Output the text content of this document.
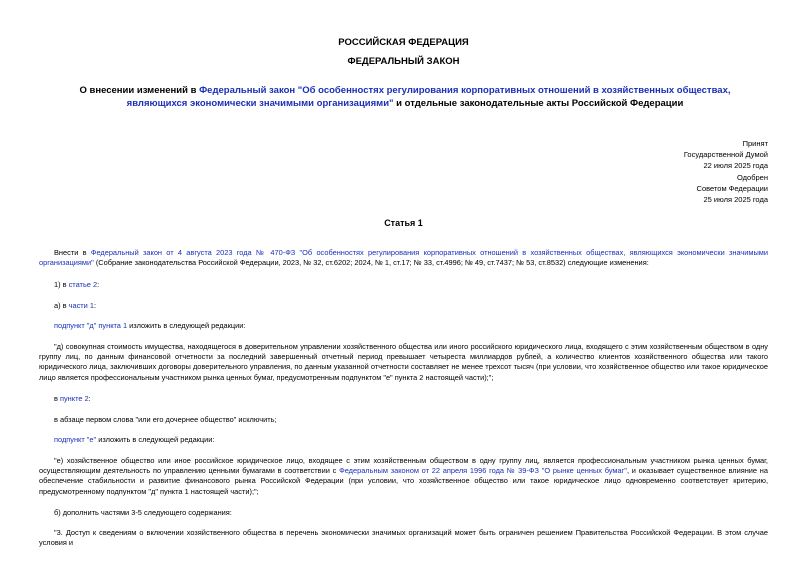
РОССИЙСКАЯ ФЕДЕРАЦИЯ
ФЕДЕРАЛЬНЫЙ ЗАКОН
О внесении изменений в Федеральный закон "Об особенностях регулирования корпоративных отношений в хозяйственных обществах, являющихся экономически значимыми организациями" и отдельные законодательные акты Российской Федерации
Принят
Государственной Думой
22 июля 2025 года
Одобрен
Советом Федерации
25 июля 2025 года
Статья 1
Внести в Федеральный закон от 4 августа 2023 года № 470-ФЗ "Об особенностях регулирования корпоративных отношений в хозяйственных обществах, являющихся экономически значимыми организациями" (Собрание законодательства Российской Федерации, 2023, № 32, ст.6202; 2024, № 1, ст.17; № 33, ст.4996; № 49, ст.7437; № 53, ст.8532) следующие изменения:
1) в статье 2:
а) в части 1:
подпункт "д" пункта 1 изложить в следующей редакции:
"д) совокупная стоимость имущества, находящегося в доверительном управлении хозяйственного общества или иного российского юридического лица, входящего с этим хозяйственным обществом в одну группу лиц, по данным финансовой отчетности за последний завершенный отчетный период превышает четыреста миллиардов рублей, а количество клиентов хозяйственного общества или такого юридического лица, заключивших договоры доверительного управления, по данным указанной отчетности составляет не менее трехсот тысяч (при условии, что хозяйственное общество или такое юридическое лицо является профессиональным участником рынка ценных бумаг, предусмотренным подпунктом "е" пункта 2 настоящей части);";
в пункте 2:
в абзаце первом слова "или его дочернее общество" исключить;
подпункт "е" изложить в следующей редакции:
"е) хозяйственное общество или иное российское юридическое лицо, входящее с этим хозяйственным обществом в одну группу лиц, является профессиональным участником рынка ценных бумаг, осуществляющим деятельность по управлению ценными бумагами в соответствии с Федеральным законом от 22 апреля 1996 года № 39-ФЗ "О рынке ценных бумаг", и оказывает существенное влияние на обеспечение стабильности и развитие финансового рынка Российской Федерации (при условии, что хозяйственное общество или такое юридическое лицо одновременно соответствует критерию, предусмотренному подпунктом "д" пункта 1 настоящей части);";
б) дополнить частями 3-5 следующего содержания:
"3. Доступ к сведениям о включении хозяйственного общества в перечень экономически значимых организаций может быть ограничен решением Правительства Российской Федерации. В этом случае условия и
